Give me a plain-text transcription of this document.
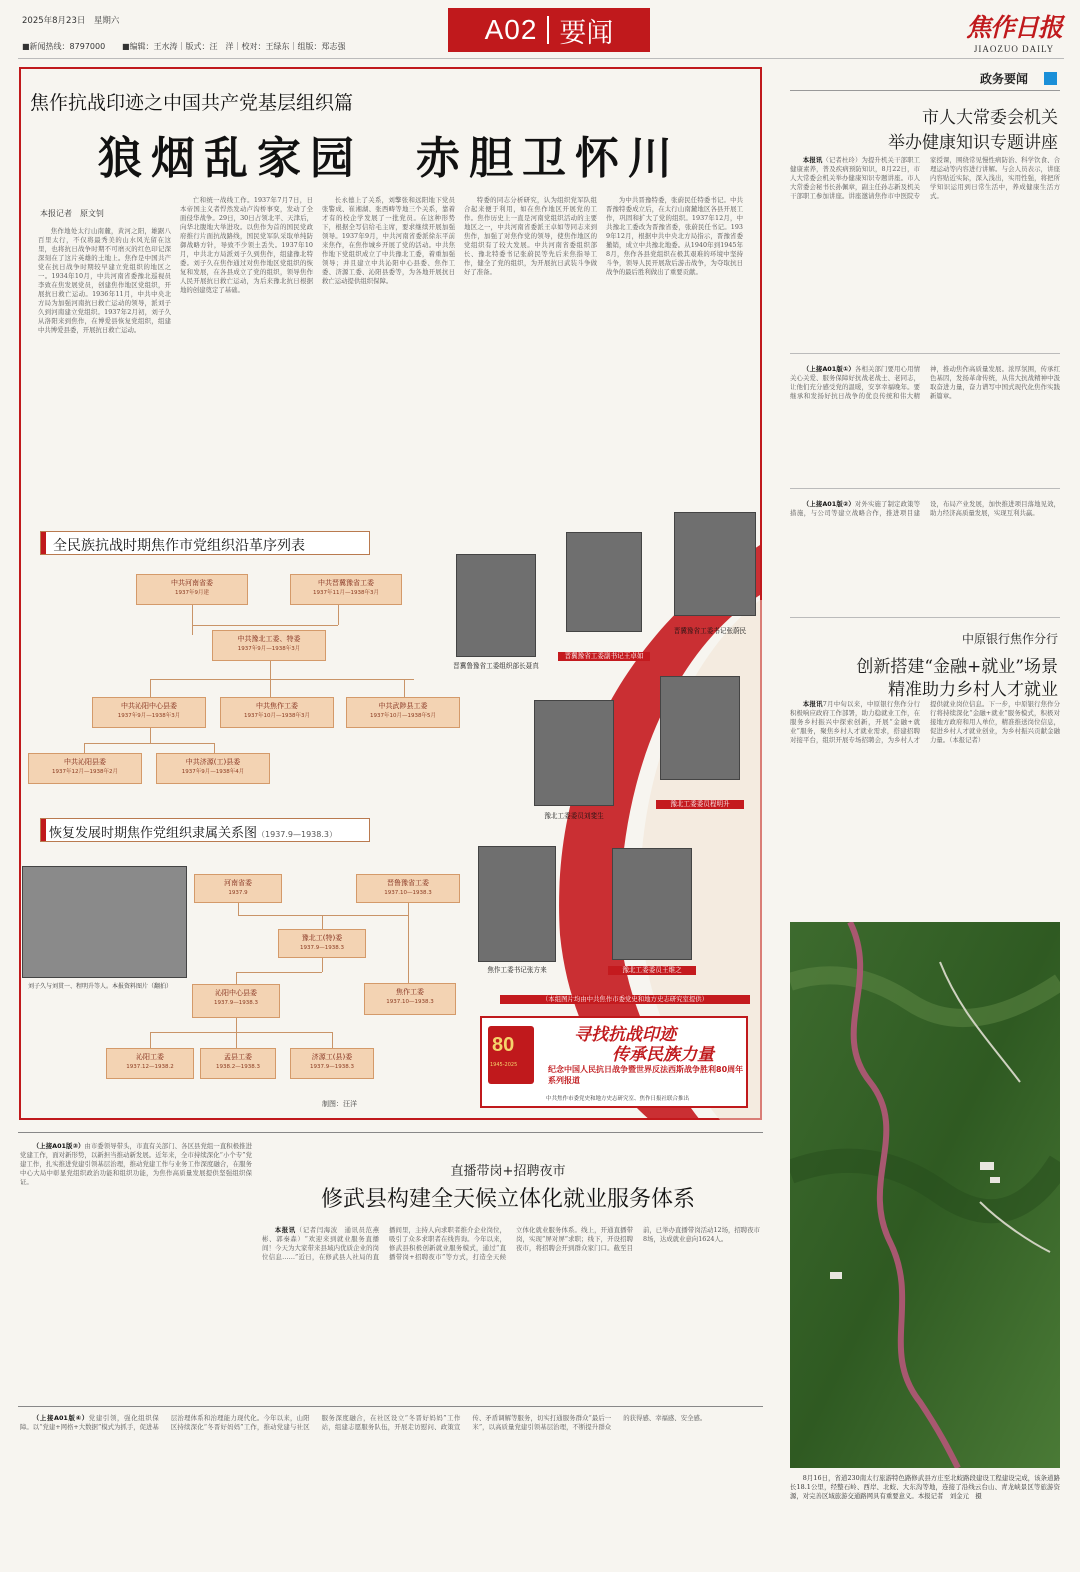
2025年8月23日　 星期六
■新闻热线：8797000 ■编辑：王水涛｜版式：汪　洋｜校对：王绿东｜组版：郑志强
A02 要闻	焦作日报
JIAOZUO DAILY
焦作抗战印迹之中国共产党基层组织篇
狼烟乱家园　赤胆卫怀川
本报记者　原文钊

焦作地处太行山南麓，黄河之阳，雄踞八百里太行，不仅将最秀美的山水风光留在这里，也将抗日战争时期不可磨灭的红色印记深深刻在了这片英雄的土地上。焦作是中国共产党在抗日战争时期较早建立党组织的地区之一。1934年10月，中共河南省委豫北巡视员李致在焦发展党员，创建焦作地区党组织，开展抗日救亡运动。1936年11月，中共中央北方局为加强河南抗日救亡运动的领导，派刘子久到河南建立党组织。1937年2月初，刘子久从洛阳来到焦作，在博爱县恢复党组织，组建中共博爱县委，开展抗日救亡运动。

亡和统一战线工作。1937年7月7日，日本帝国主义者悍然发动卢沟桥事变，发动了全面侵华战争。29日，30日占领北平、天津后，向华北腹地大举进攻。以焦作为首的国民党政府推行片面抗战路线，国民党军队采取单纯防御战略方针，导致不少领土丢失。1937年10月，中共北方局派刘子久到焦作，组建豫北特委。刘子久在焦作通过对焦作地区党组织的恢复和发展，在各县成立了党的组织，领导焦作人民开展抗日救亡运动，为后来豫北抗日根据地的创建奠定了基础。

长永德上了关系，刘擎张和远阳地下党员张警成、崔湘湖、张西畴等地三个关系，靠着才有的校企学发展了一批党员。在这种形势下，根据全写信给毛主席，要求继续开展加强领导。1937年9月，中共河南省委派徐东平前来焦作，在焦作城乡开展了党的活动。中共焦作地下党组织成立了中共豫北工委，着重加强领导；并且建立中共沁阳中心县委、焦作工委、济源工委、沁阳县委等，为各地开展抗日救亡运动提供组织保障。

特委的同志分析研究，认为组织党军队组合起来便于利用，如在焦作地区开展党的工作。焦作历史上一直是河南党组织活动的主要地区之一，中共河南省委派王卓如等同志来到焦作，加强了对焦作党的领导，使焦作地区的党组织有了较大发展。中共河南省委组织部长、豫北特委书记张蔚民等先后来焦指导工作，健全了党的组织，为开展抗日武装斗争做好了准备。

为中共晋豫特委，张蔚民任特委书记。中共晋豫特委成立后，在太行山南麓地区各县开展工作，巩固和扩大了党的组织。1937年12月，中共豫北工委改为晋豫省委，张蔚民任书记。1939年12月，根据中共中央北方局指示，晋豫省委撤销，成立中共豫北地委。从1940年到1945年8月，焦作各县党组织在极其艰难的环境中坚持斗争，领导人民开展敌后游击战争，为夺取抗日战争的最后胜利做出了重要贡献。

全民族抗战时期焦作市党组织沿革序列表
中共河南省委
1937年9月建
中共晋冀豫省工委
1937年11月—1938年3月
中共豫北工委、特委
1937年9月—1938年3月
中共沁阳中心县委
1937年9月—1938年3月
中共焦作工委
1937年10月—1938年3月
中共武陟县工委
1937年10月—1938年5月
中共沁阳县委
1937年12月—1938年2月
中共济源(工)县委
1937年9月—1938年4月
晋冀鲁豫省工委组织部长聂真
晋冀豫省工委副书记王卓如
晋冀豫省工委书记张蔚民
豫北工委委员刘斐生
豫北工委委员程明升
焦作工委书记张方来	豫北工委委员王维之
（本组图片均由中共焦作市委党史和地方史志研究室提供）
恢复发展时期焦作党组织隶属关系图（1937.9—1938.3）
刘子久与刘贯一、程明升等人。本报资料图片（翻拍）
河南省委
1937.9
晋鲁豫省工委
1937.10—1938.3
豫北工(特)委
1937.9—1938.3
沁阳中心县委
1937.9—1938.3
焦作工委
1937.10—1938.3
沁阳工委
1937.12—1938.2
孟县工委
1938.2—1938.3
济源工(县)委
1937.9—1938.3
制图：汪洋
80
1945-2025
寻找抗战印迹
传承民族力量
纪念中国人民抗日战争暨世界反法西斯战争胜利80周年系列报道
中共焦作市委党史和地方史志研究室、焦作日报社联合推出
政务要闻
市人大常委会机关
举办健康知识专题讲座

本报讯（记者杜玲）为提升机关干部职工健康素养，普及疾病预防知识，8月22日，市人大常委会机关举办健康知识专题讲座。市人大常委会秘书长孙佩章，副主任孙志新及机关干部职工参加讲座。讲座邀请焦作市中医院专家授课，围绕常见慢性病防治、科学饮食、合理运动等内容进行讲解。与会人员表示，讲座内容贴近实际，深入浅出，实用性强，将把所学知识运用到日常生活中，养成健康生活方式。

（上接A01版①）各相关部门要用心用情关心关爱、服务保障好抗战老战士、老同志，让他们充分感受党的温暖，安享幸福晚年。要继承和发扬好抗日战争的优良传统和伟大精神，推动焦作高质量发展。浓厚氛围，传承红色基因，发扬革命传统，从伟大抗战精神中汲取奋进力量，奋力谱写中国式现代化焦作实践新篇章。

（上接A01版②）对外实施了制定政策等措施，与公司等建立战略合作，推进项目建设，布局产业发展，加快推进项目落地见效，助力经济高质量发展，实现互利共赢。

中原银行焦作分行
创新搭建“金融+就业”场景
精准助力乡村人才就业

本报讯7月中旬以来，中原银行焦作分行积极响应政府工作部署，助力稳就业工作，在服务乡村振兴中探索创新，开展“金融+就业”服务，聚焦乡村人才就业需求，搭建招聘对接平台，组织开展专场招聘会，为乡村人才提供就业岗位信息。下一步，中原银行焦作分行将持续深化“金融+就业”服务模式，积极对接地方政府和用人单位，精准推送岗位信息，促进乡村人才就业创业，为乡村振兴贡献金融力量。（本报记者）

8月16日，省道230南太行旅游特色路修武县方庄至北蛟路段建设工程建设完成，该条道路长18.1公里，经整石岭、西岸、北蛟、大东沟等地，连接了沿线云台山、青龙峡景区等旅游资源，对完善区域旅游交通路网具有重要意义。本报记者　刘金元　摄

（上接A01版③）由市委领导带头，市直有关部门、各区县党组一直积极推进党建工作，面对新形势，以新担当推动新发展。近年来，全市持续深化“小个专”党建工作，扎实推进党建引领基层治理，推动党建工作与业务工作深度融合，在服务中心大局中彰显党组织政治功能和组织功能，为焦作高质量发展提供坚强组织保证。

直播带岗+招聘夜市
修武县构建全天候立体化就业服务体系

本报讯（记者闫海波　通讯员范燕彬、郭秦森）“欢迎来到就业服务直播间！今天为大家带来县域内优质企业的岗位信息……”近日，在修武县人社局的直播间里，主持人向求职者推介企业岗位，吸引了众多求职者在线咨询。今年以来，修武县积极创新就业服务模式，通过“直播带岗+招聘夜市”等方式，打造全天候立体化就业服务体系。线上，开通直播带岗，实现“屏对屏”求职；线下，开设招聘夜市，将招聘会开到群众家门口。截至目前，已举办直播带岗活动12场，招聘夜市8场，达成就业意向1624人。

（上接A01版④）党建引领，强化组织保障。以“党建+网格+大数据”模式为抓手，促进基层治理体系和治理能力现代化。今年以来，山阳区持续深化“冬晋好妈妈”工作，推动党建与社区服务深度融合，在社区设立“冬晋好妈妈”工作站，组建志愿服务队伍，开展走访慰问、政策宣传、矛盾调解等服务，切实打通服务群众“最后一米”，以高质量党建引领基层治理，不断提升群众的获得感、幸福感、安全感。
